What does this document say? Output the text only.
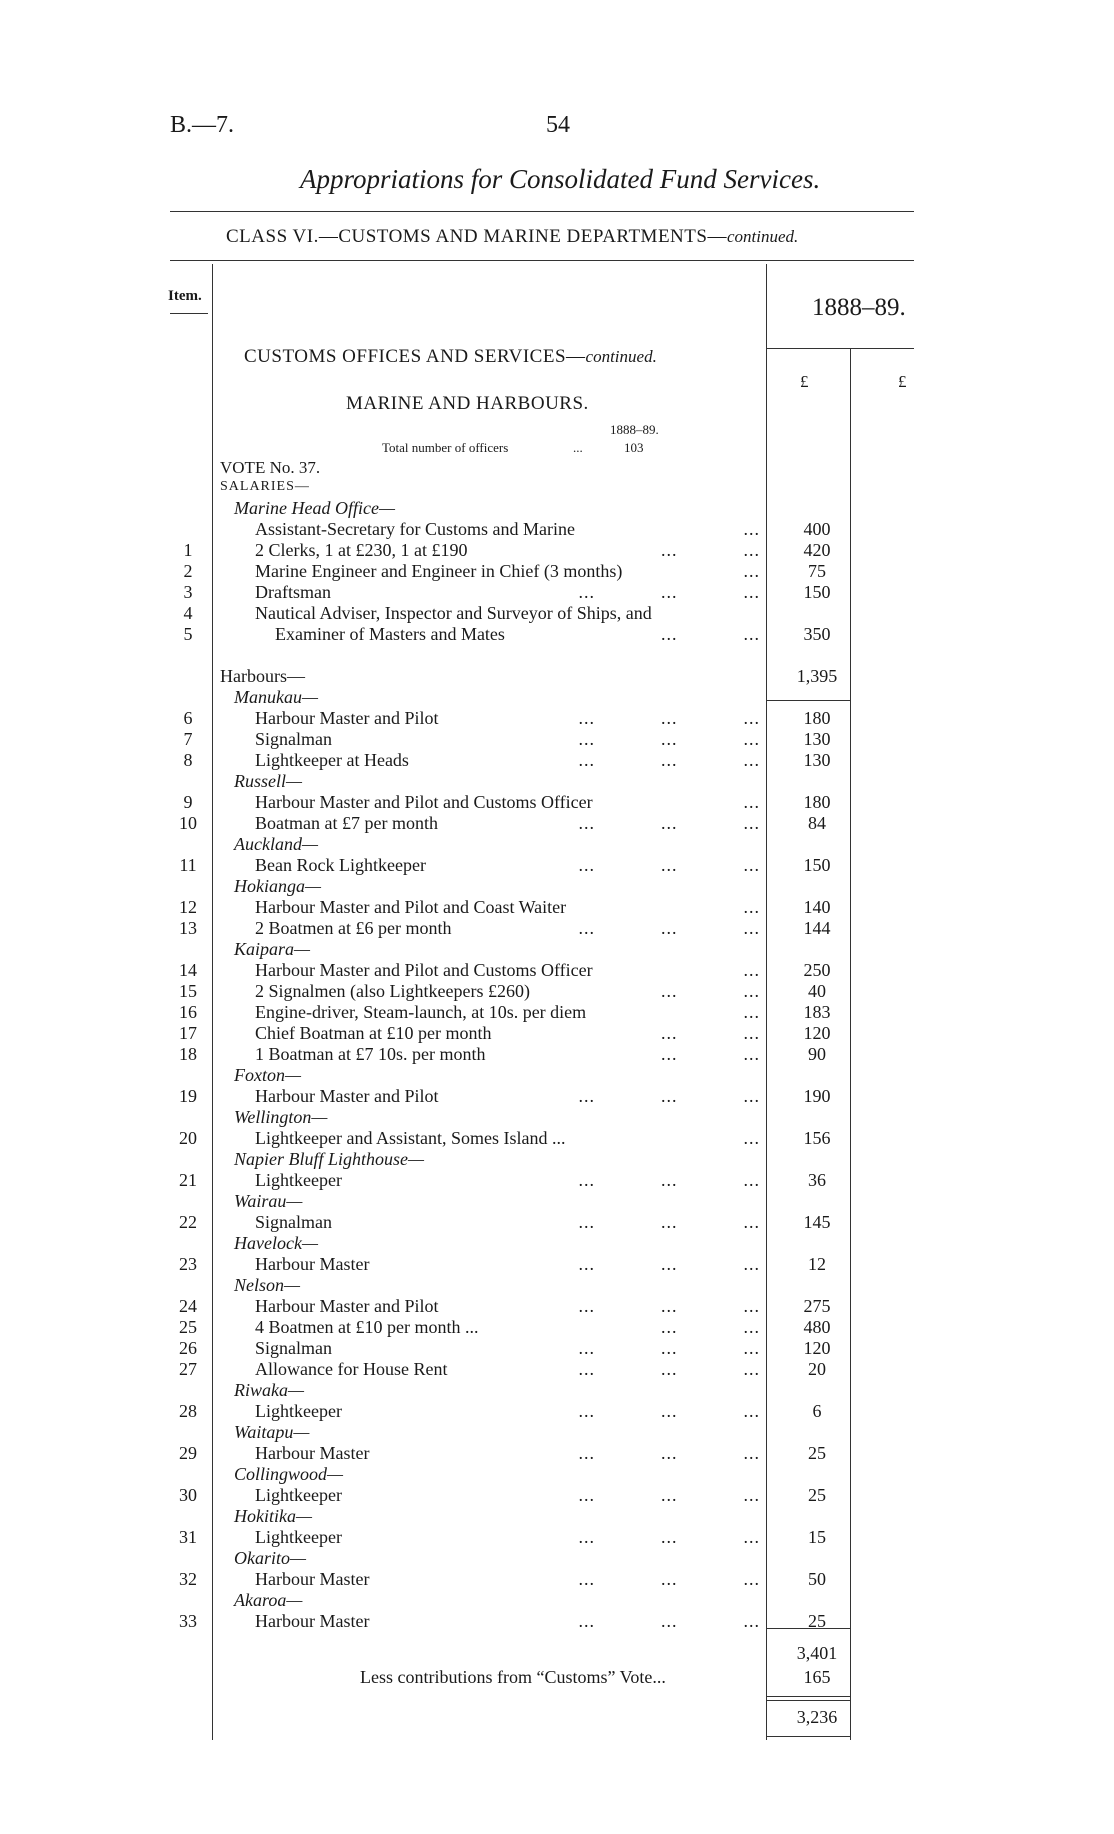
B.—7.	54
Appropriations for Consolidated Fund Services.
CLASS VI.—CUSTOMS AND MARINE DEPARTMENTS—continued.
Item.	1888–89.
£	£
CUSTOMS OFFICES AND SERVICES—continued.
MARINE AND HARBOURS.
1888–89.
Total number of officers	...	103
VOTE No. 37.
SALARIES—
Marine Head Office—
Assistant-Secretary for Customs and Marine	...	400
1	2 Clerks, 1 at £230, 1 at £190	...            ...	420
2	Marine Engineer and Engineer in Chief (3 months)	...	75
3	Draftsman	...            ...            ...	150
4	Nautical Adviser, Inspector and Surveyor of Ships, and
5	Examiner of Masters and Mates	...            ...	350
Harbours—	1,395
Manukau—
6	Harbour Master and Pilot	...            ...            ...	180
7	Signalman	...            ...            ...	130
8	Lightkeeper at Heads	...            ...            ...	130
Russell—
9	Harbour Master and Pilot and Customs Officer	...	180
10	Boatman at £7 per month	...            ...            ...	84
Auckland—
11	Bean Rock Lightkeeper	...            ...            ...	150
Hokianga—
12	Harbour Master and Pilot and Coast Waiter	...	140
13	2 Boatmen at £6 per month	...            ...            ...	144
Kaipara—
14	Harbour Master and Pilot and Customs Officer	...	250
15	2 Signalmen (also Lightkeepers £260)	...            ...	40
16	Engine-driver, Steam-launch, at 10s. per diem	...	183
17	Chief Boatman at £10 per month	...            ...	120
18	1 Boatman at £7 10s. per month	...            ...	90
Foxton—
19	Harbour Master and Pilot	...            ...            ...	190
Wellington—
20	Lightkeeper and Assistant, Somes Island ...	...	156
Napier Bluff Lighthouse—
21	Lightkeeper	...            ...            ...	36
Wairau—
22	Signalman	...            ...            ...	145
Havelock—
23	Harbour Master	...            ...            ...	12
Nelson—
24	Harbour Master and Pilot	...            ...            ...	275
25	4 Boatmen at £10 per month ...	...            ...	480
26	Signalman	...            ...            ...	120
27	Allowance for House Rent	...            ...            ...	20
Riwaka—
28	Lightkeeper	...            ...            ...	6
Waitapu—
29	Harbour Master	...            ...            ...	25
Collingwood—
30	Lightkeeper	...            ...            ...	25
Hokitika—
31	Lightkeeper	...            ...            ...	15
Okarito—
32	Harbour Master	...            ...            ...	50
Akaroa—
33	Harbour Master	...            ...            ...	25
3,401
Less contributions from “Customs” Vote...	165
3,236
